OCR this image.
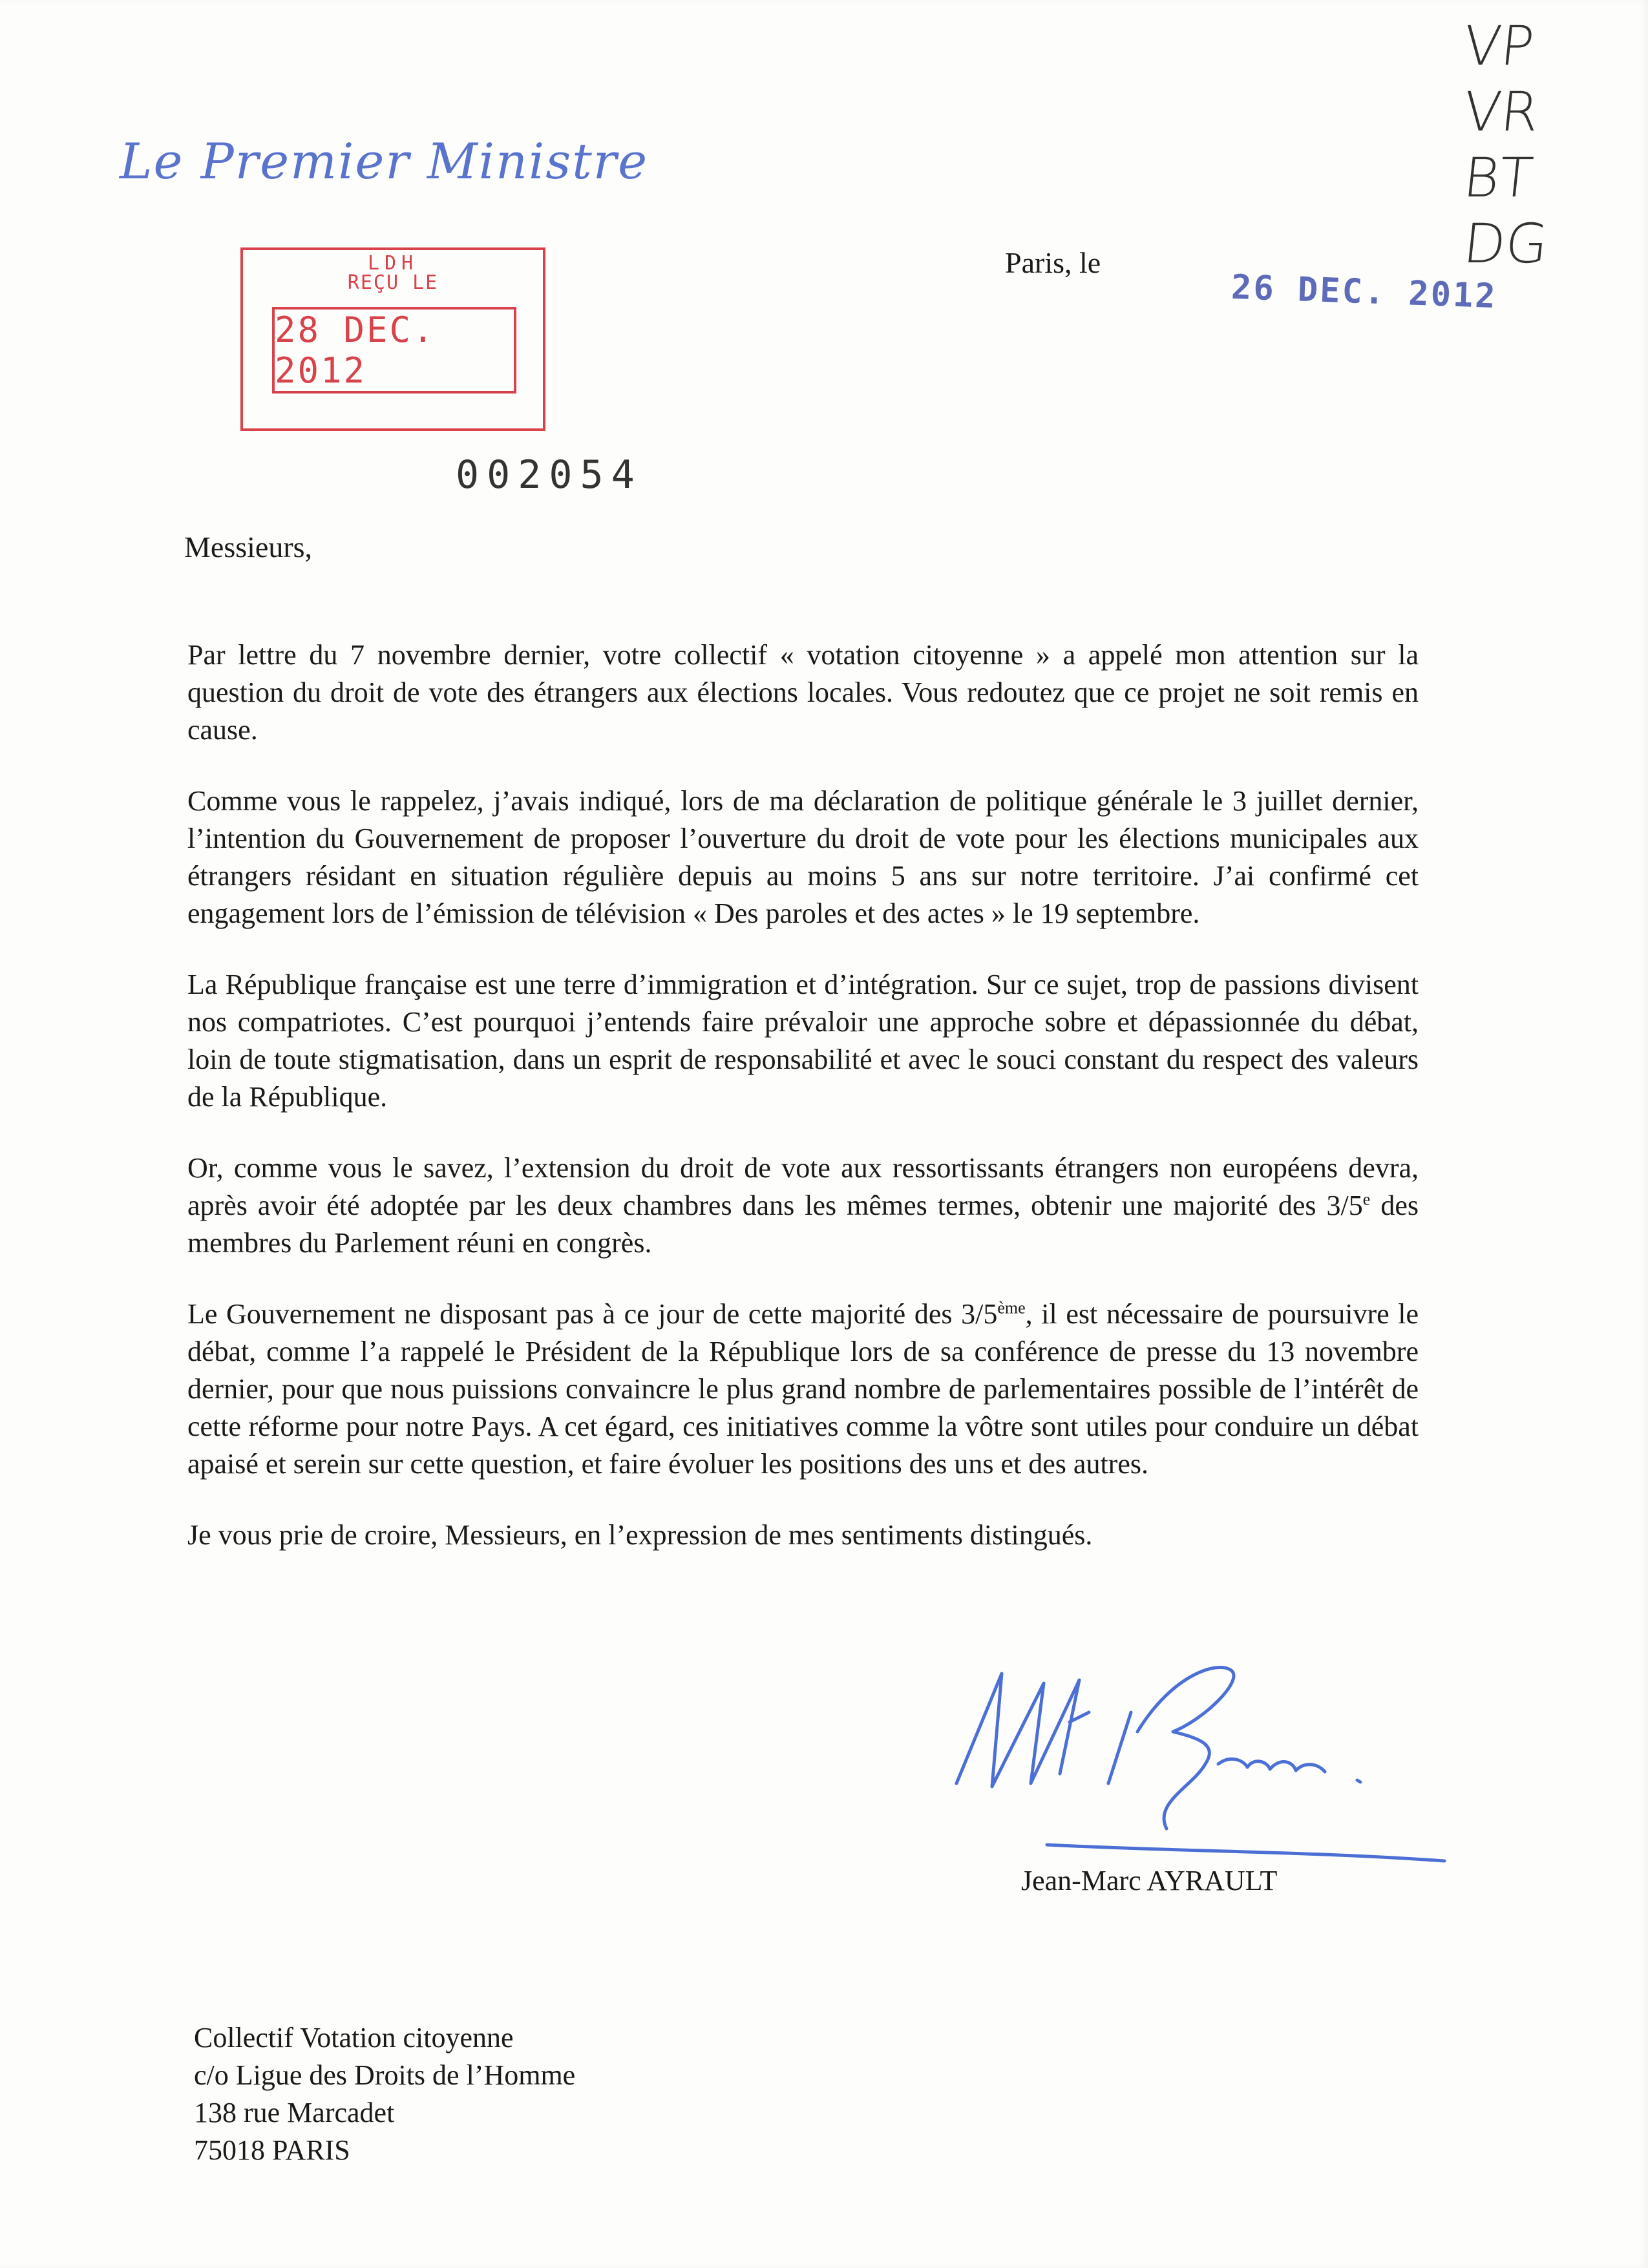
Le Premier Ministre
VP
VR
BT
DG
LDH
REÇU LE
28 DEC. 2012
002054
Paris, le
26 DEC. 2012

Messieurs,

Par lettre du 7 novembre dernier, votre collectif « votation citoyenne » a appelé mon attention sur la question du droit de vote des étrangers aux élections locales. Vous redoutez que ce projet ne soit remis en cause.

Comme vous le rappelez, j’avais indiqué, lors de ma déclaration de politique générale le 3 juillet dernier, l’intention du Gouvernement de proposer l’ouverture du droit de vote pour les élections municipales aux étrangers résidant en situation régulière depuis au moins 5 ans sur notre territoire. J’ai confirmé cet engagement lors de l’émission de télévision « Des paroles et des actes » le 19 septembre.

La République française est une terre d’immigration et d’intégration. Sur ce sujet, trop de passions divisent nos compatriotes. C’est pourquoi j’entends faire prévaloir une approche sobre et dépassionnée du débat, loin de toute stigmatisation, dans un esprit de responsabilité et avec le souci constant du respect des valeurs de la République.

Or, comme vous le savez, l’extension du droit de vote aux ressortissants étrangers non européens devra, après avoir été adoptée par les deux chambres dans les mêmes termes, obtenir une majorité des 3/5e des membres du Parlement réuni en congrès.

Le Gouvernement ne disposant pas à ce jour de cette majorité des 3/5ème, il est nécessaire de poursuivre le débat, comme l’a rappelé le Président de la République lors de sa conférence de presse du 13 novembre dernier, pour que nous puissions convaincre le plus grand nombre de parlementaires possible de l’intérêt de cette réforme pour notre Pays. A cet égard, ces initiatives comme la vôtre sont utiles pour conduire un débat apaisé et serein sur cette question, et faire évoluer les positions des uns et des autres.

Je vous prie de croire, Messieurs, en l’expression de mes sentiments distingués.

Jean-Marc AYRAULT

Collectif Votation citoyenne
c/o Ligue des Droits de l’Homme
138 rue Marcadet
75018 PARIS
